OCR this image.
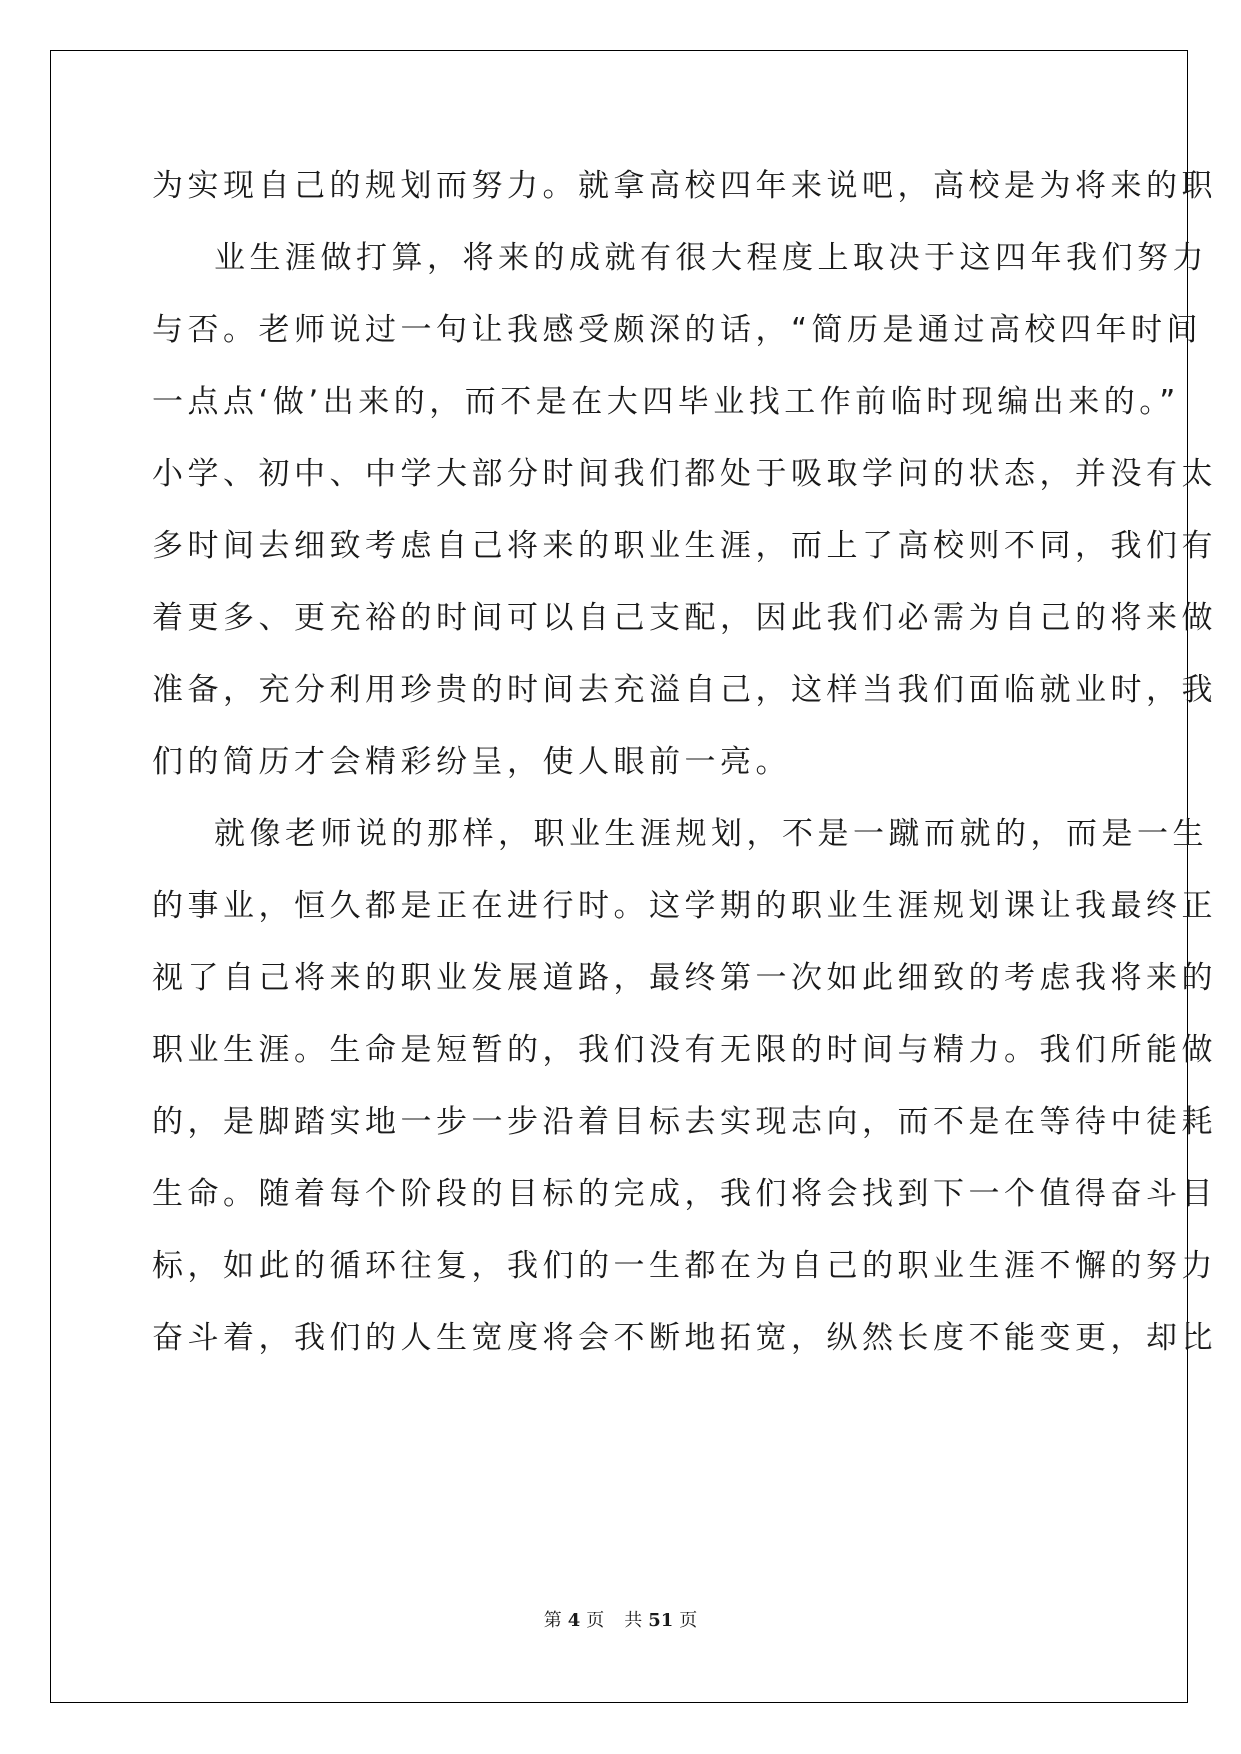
为实现自己的规划而努力。就拿高校四年来说吧，高校是为将来的职
业生涯做打算，将来的成就有很大程度上取决于这四年我们努力
与否。老师说过一句让我感受颇深的话，“简历是通过高校四年时间
一点点‘做’出来的，而不是在大四毕业找工作前临时现编出来的。”
小学、初中、中学大部分时间我们都处于吸取学问的状态，并没有太
多时间去细致考虑自己将来的职业生涯，而上了高校则不同，我们有
着更多、更充裕的时间可以自己支配，因此我们必需为自己的将来做
准备，充分利用珍贵的时间去充溢自己，这样当我们面临就业时，我
们的简历才会精彩纷呈，使人眼前一亮。
就像老师说的那样，职业生涯规划，不是一蹴而就的，而是一生
的事业，恒久都是正在进行时。这学期的职业生涯规划课让我最终正
视了自己将来的职业发展道路，最终第一次如此细致的考虑我将来的
职业生涯。生命是短暂的，我们没有无限的时间与精力。我们所能做
的，是脚踏实地一步一步沿着目标去实现志向，而不是在等待中徒耗
生命。随着每个阶段的目标的完成，我们将会找到下一个值得奋斗目
标，如此的循环往复，我们的一生都在为自己的职业生涯不懈的努力
奋斗着，我们的人生宽度将会不断地拓宽，纵然长度不能变更，却比
第 4 页 共 51 页
